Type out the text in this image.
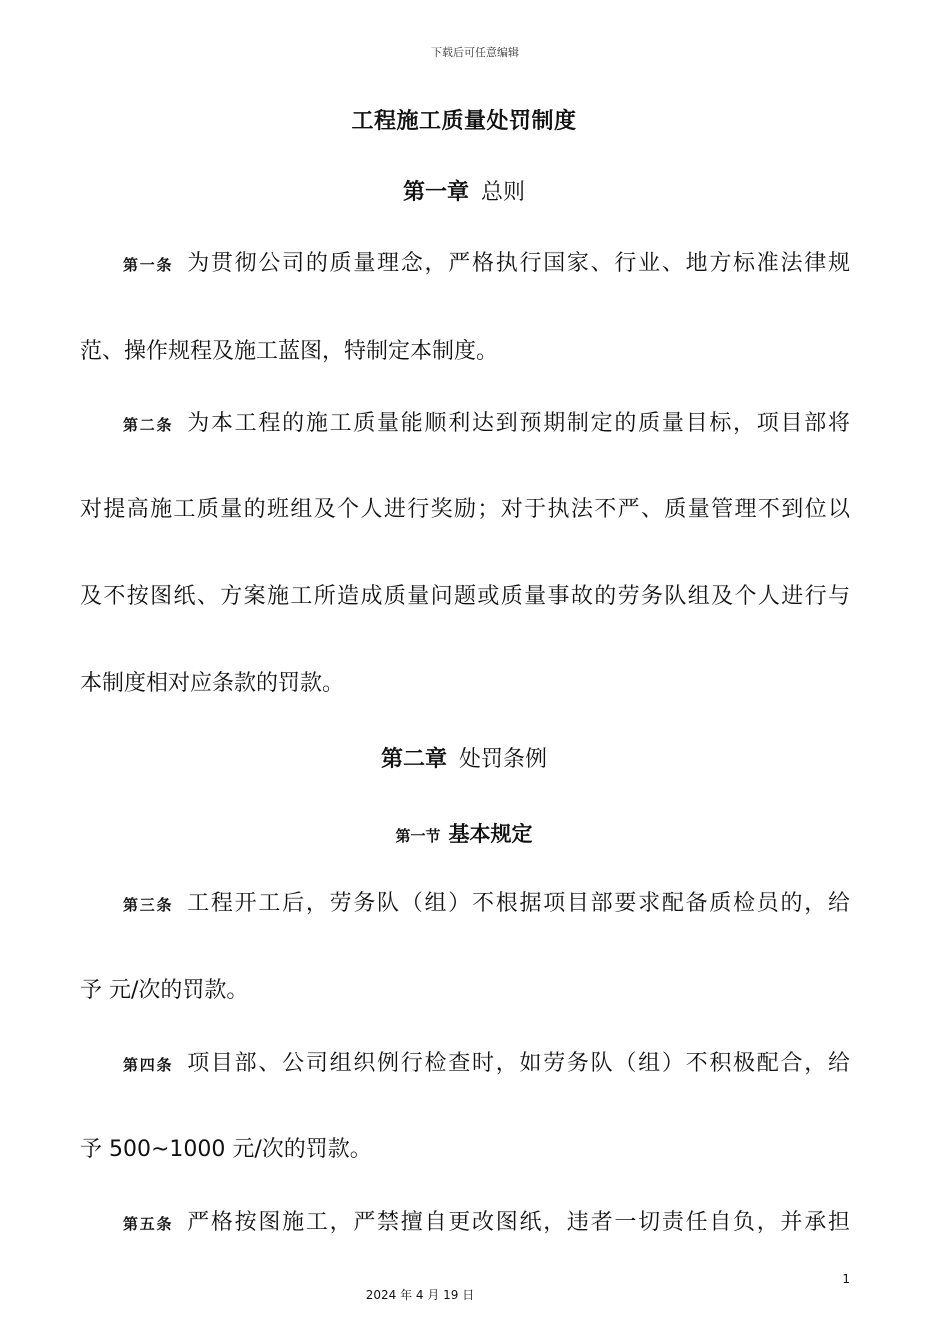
下载后可任意编辑
工程施工质量处罚制度
第一章 总则
第一条 为贯彻公司的质量理念，严格执行国家、行业、地方标准法律规
范、操作规程及施工蓝图，特制定本制度。
第二条 为本工程的施工质量能顺利达到预期制定的质量目标，项目部将
对提高施工质量的班组及个人进行奖励；对于执法不严、质量管理不到位以
及不按图纸、方案施工所造成质量问题或质量事故的劳务队组及个人进行与
本制度相对应条款的罚款。
第二章 处罚条例
第一节 基本规定
第三条 工程开工后，劳务队（组）不根据项目部要求配备质检员的，给
予 元/次的罚款。
第四条 项目部、公司组织例行检查时，如劳务队（组）不积极配合，给
予 500~1000 元/次的罚款。
第五条 严格按图施工，严禁擅自更改图纸，违者一切责任自负，并承担
1
2024 年 4 月 19 日
